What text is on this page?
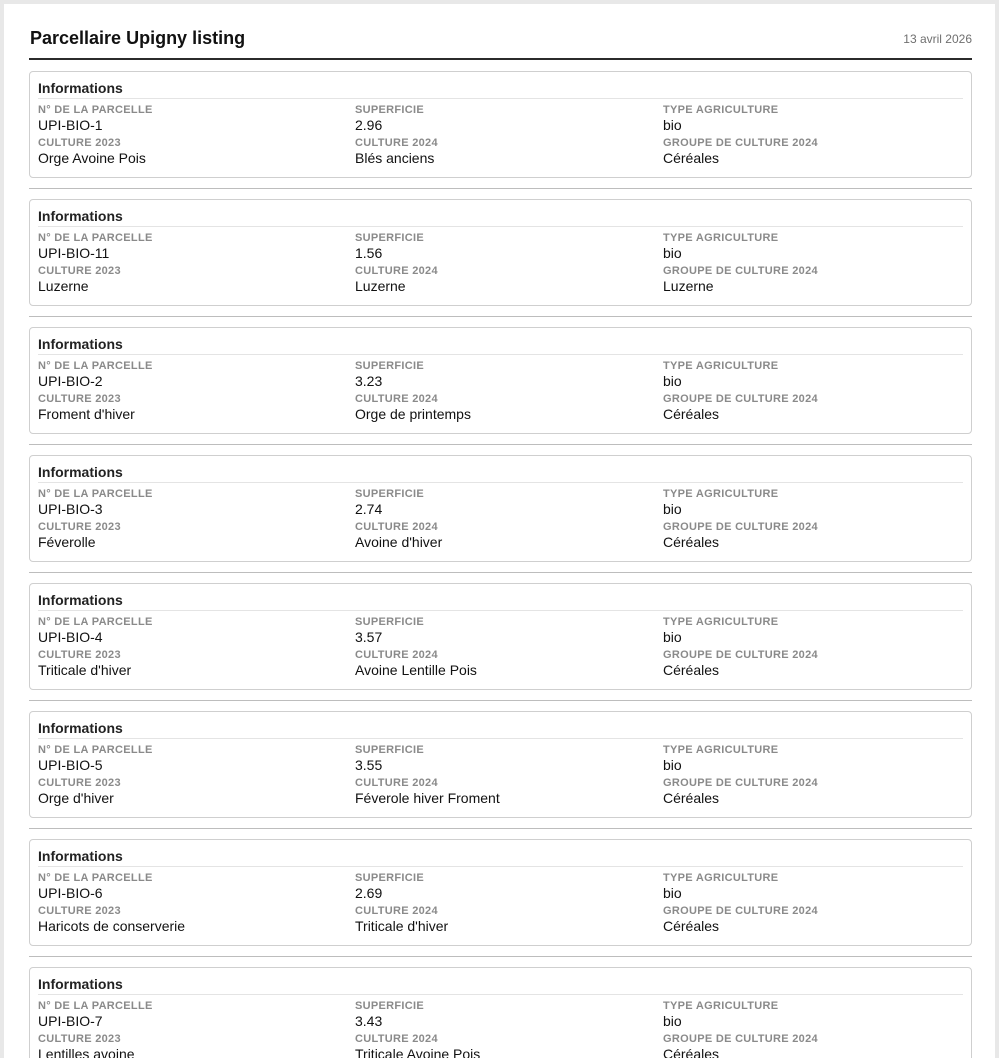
Parcellaire Upigny listing	13 avril 2026
Informations
N° DE LA PARCELLE
UPI-BIO-1
SUPERFICIE
2.96
TYPE AGRICULTURE
bio
CULTURE 2023
Orge Avoine Pois
CULTURE 2024
Blés anciens
GROUPE DE CULTURE 2024
Céréales
Informations
N° DE LA PARCELLE
UPI-BIO-11
SUPERFICIE
1.56
TYPE AGRICULTURE
bio
CULTURE 2023
Luzerne
CULTURE 2024
Luzerne
GROUPE DE CULTURE 2024
Luzerne
Informations
N° DE LA PARCELLE
UPI-BIO-2
SUPERFICIE
3.23
TYPE AGRICULTURE
bio
CULTURE 2023
Froment d'hiver
CULTURE 2024
Orge de printemps
GROUPE DE CULTURE 2024
Céréales
Informations
N° DE LA PARCELLE
UPI-BIO-3
SUPERFICIE
2.74
TYPE AGRICULTURE
bio
CULTURE 2023
Féverolle
CULTURE 2024
Avoine d'hiver
GROUPE DE CULTURE 2024
Céréales
Informations
N° DE LA PARCELLE
UPI-BIO-4
SUPERFICIE
3.57
TYPE AGRICULTURE
bio
CULTURE 2023
Triticale d'hiver
CULTURE 2024
Avoine Lentille Pois
GROUPE DE CULTURE 2024
Céréales
Informations
N° DE LA PARCELLE
UPI-BIO-5
SUPERFICIE
3.55
TYPE AGRICULTURE
bio
CULTURE 2023
Orge d'hiver
CULTURE 2024
Féverole hiver Froment
GROUPE DE CULTURE 2024
Céréales
Informations
N° DE LA PARCELLE
UPI-BIO-6
SUPERFICIE
2.69
TYPE AGRICULTURE
bio
CULTURE 2023
Haricots de conserverie
CULTURE 2024
Triticale d'hiver
GROUPE DE CULTURE 2024
Céréales
Informations
N° DE LA PARCELLE
UPI-BIO-7
SUPERFICIE
3.43
TYPE AGRICULTURE
bio
CULTURE 2023
Lentilles avoine
CULTURE 2024
Triticale Avoine Pois
GROUPE DE CULTURE 2024
Céréales
